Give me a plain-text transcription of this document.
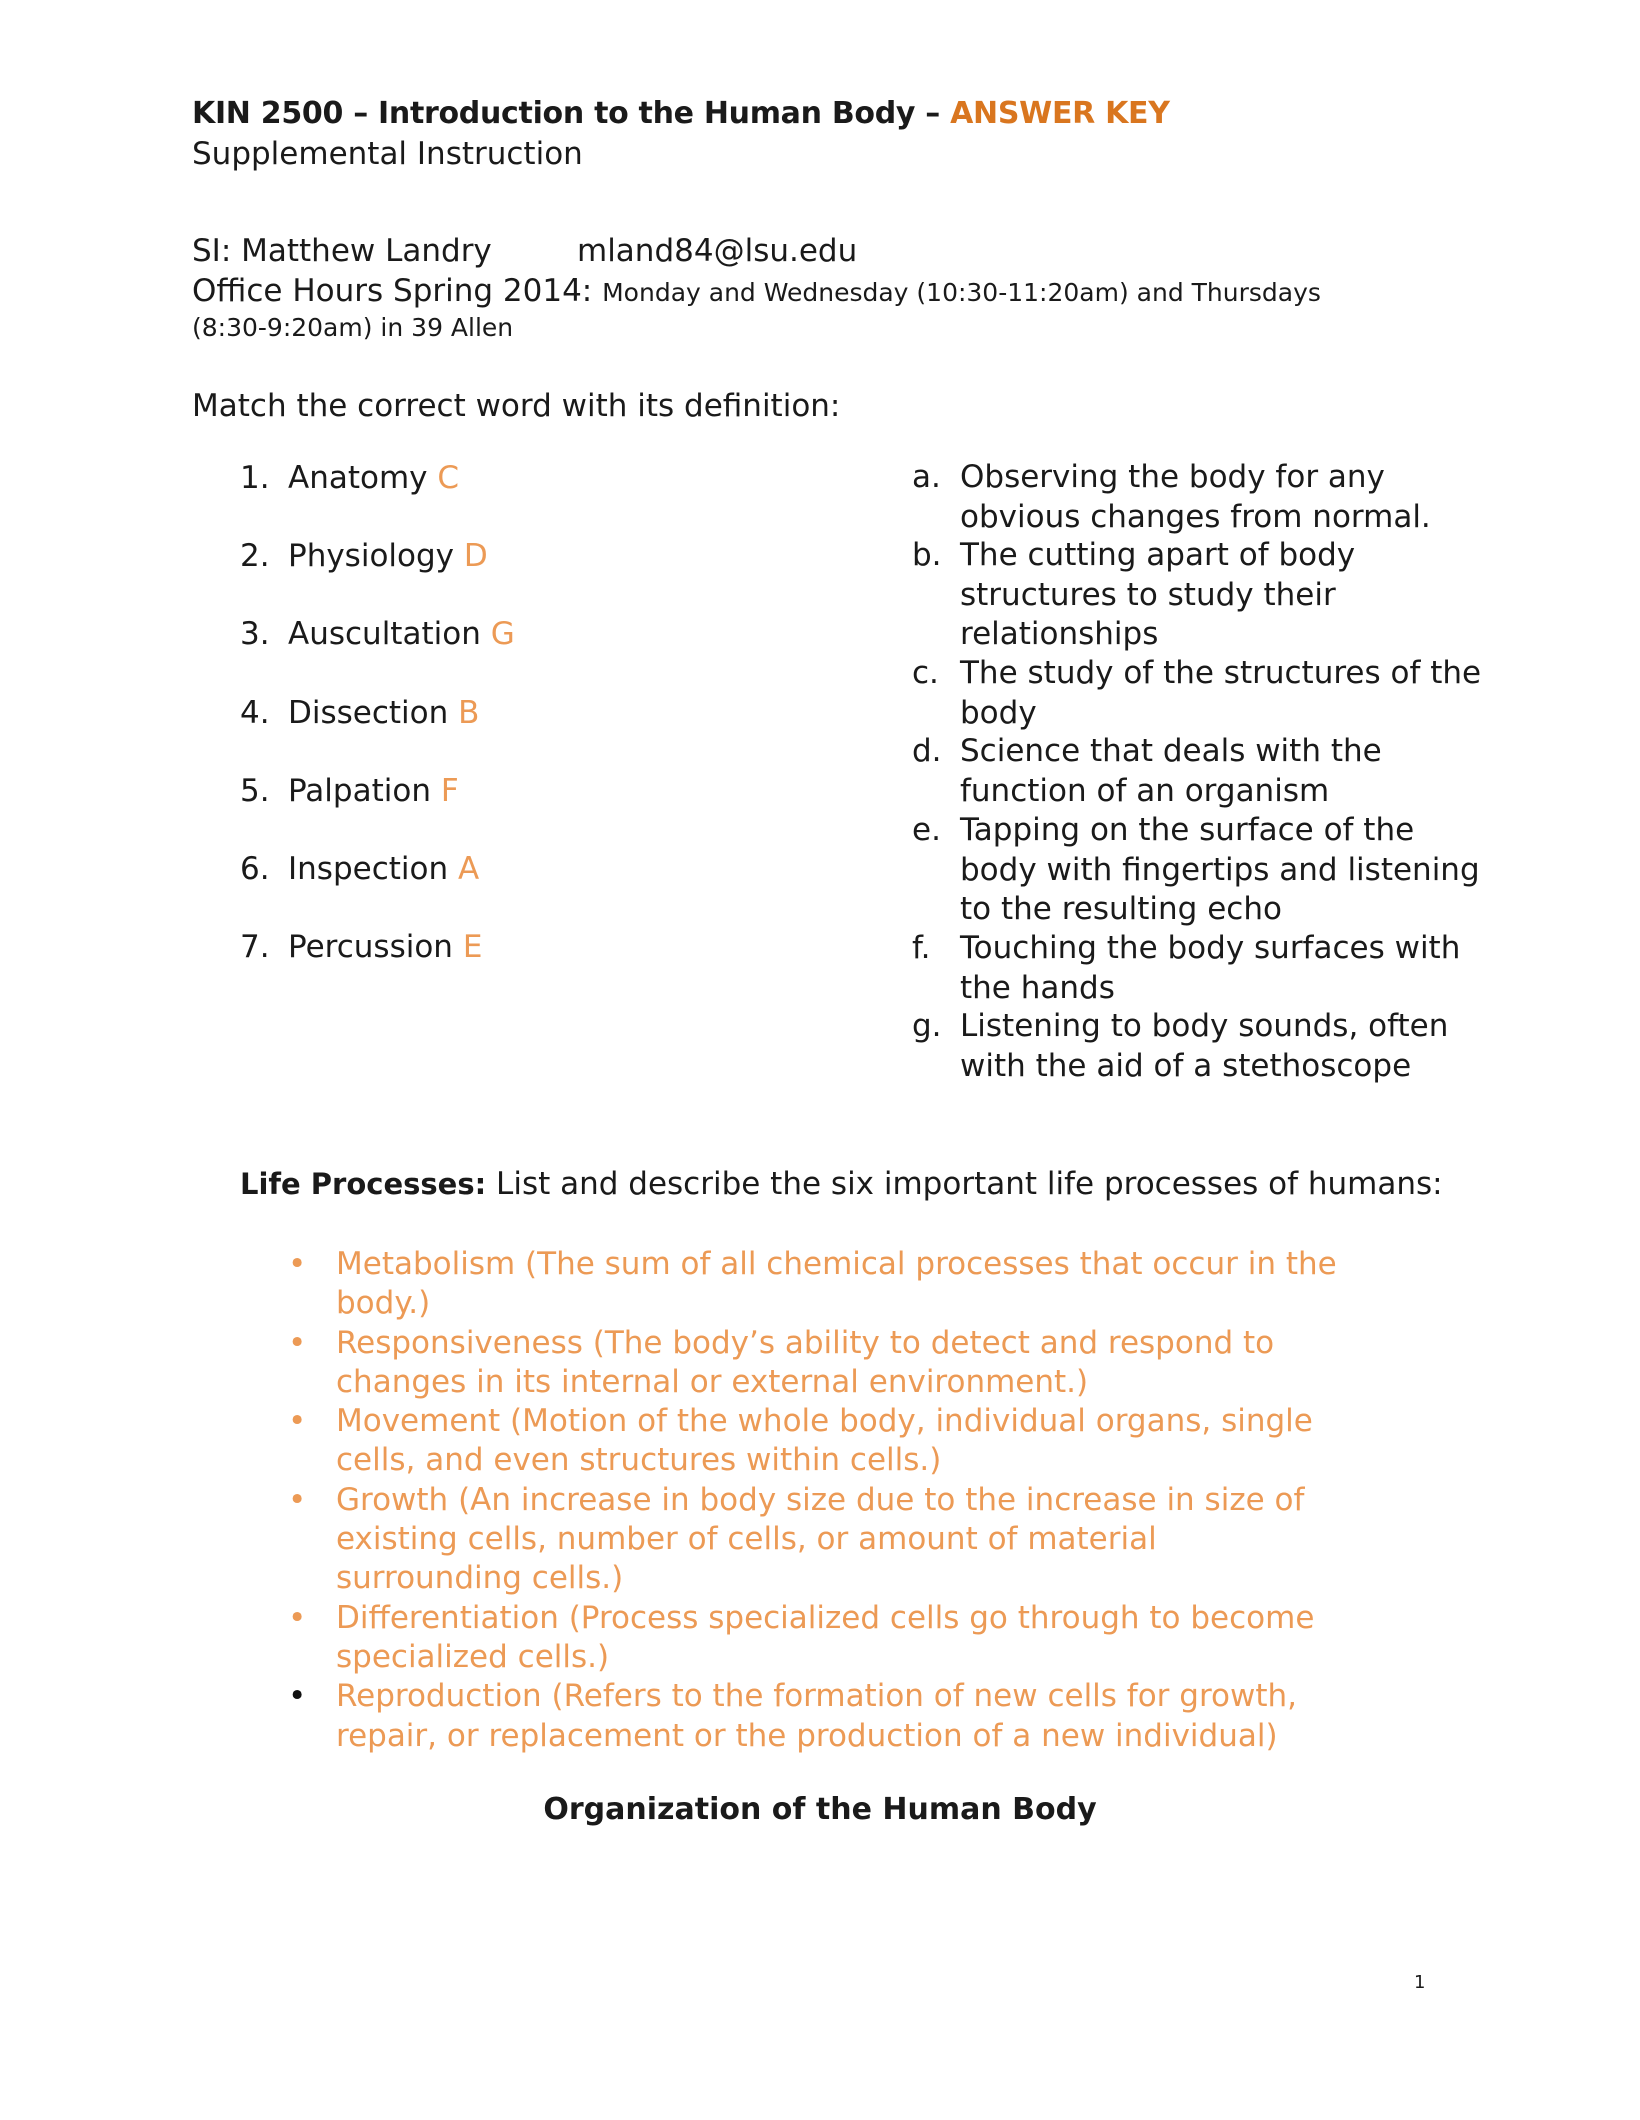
KIN 2500 – Introduction to the Human Body – ANSWER KEY
Supplemental Instruction
SI: Matthew Landry	mland84@lsu.edu
Office Hours Spring 2014: Monday and Wednesday (10:30-11:20am) and Thursdays
(8:30-9:20am) in 39 Allen
Match the correct word with its definition:
1. Anatomy C
2. Physiology D
3. Auscultation G
4. Dissection B
5. Palpation F
6. Inspection A
7. Percussion E
a. Observing the body for any obvious changes from normal.
b. The cutting apart of body structures to study their relationships
c. The study of the structures of the body
d. Science that deals with the function of an organism
e. Tapping on the surface of the body with fingertips and listening to the resulting echo
f. Touching the body surfaces with the hands
g. Listening to body sounds, often with the aid of a stethoscope
Life Processes: List and describe the six important life processes of humans:
• Metabolism (The sum of all chemical processes that occur in the body.)
• Responsiveness (The body’s ability to detect and respond to changes in its internal or external environment.)
• Movement (Motion of the whole body, individual organs, single cells, and even structures within cells.)
• Growth (An increase in body size due to the increase in size of existing cells, number of cells, or amount of material surrounding cells.)
• Differentiation (Process specialized cells go through to become specialized cells.)
• Reproduction (Refers to the formation of new cells for growth, repair, or replacement or the production of a new individual)
Organization of the Human Body
1
